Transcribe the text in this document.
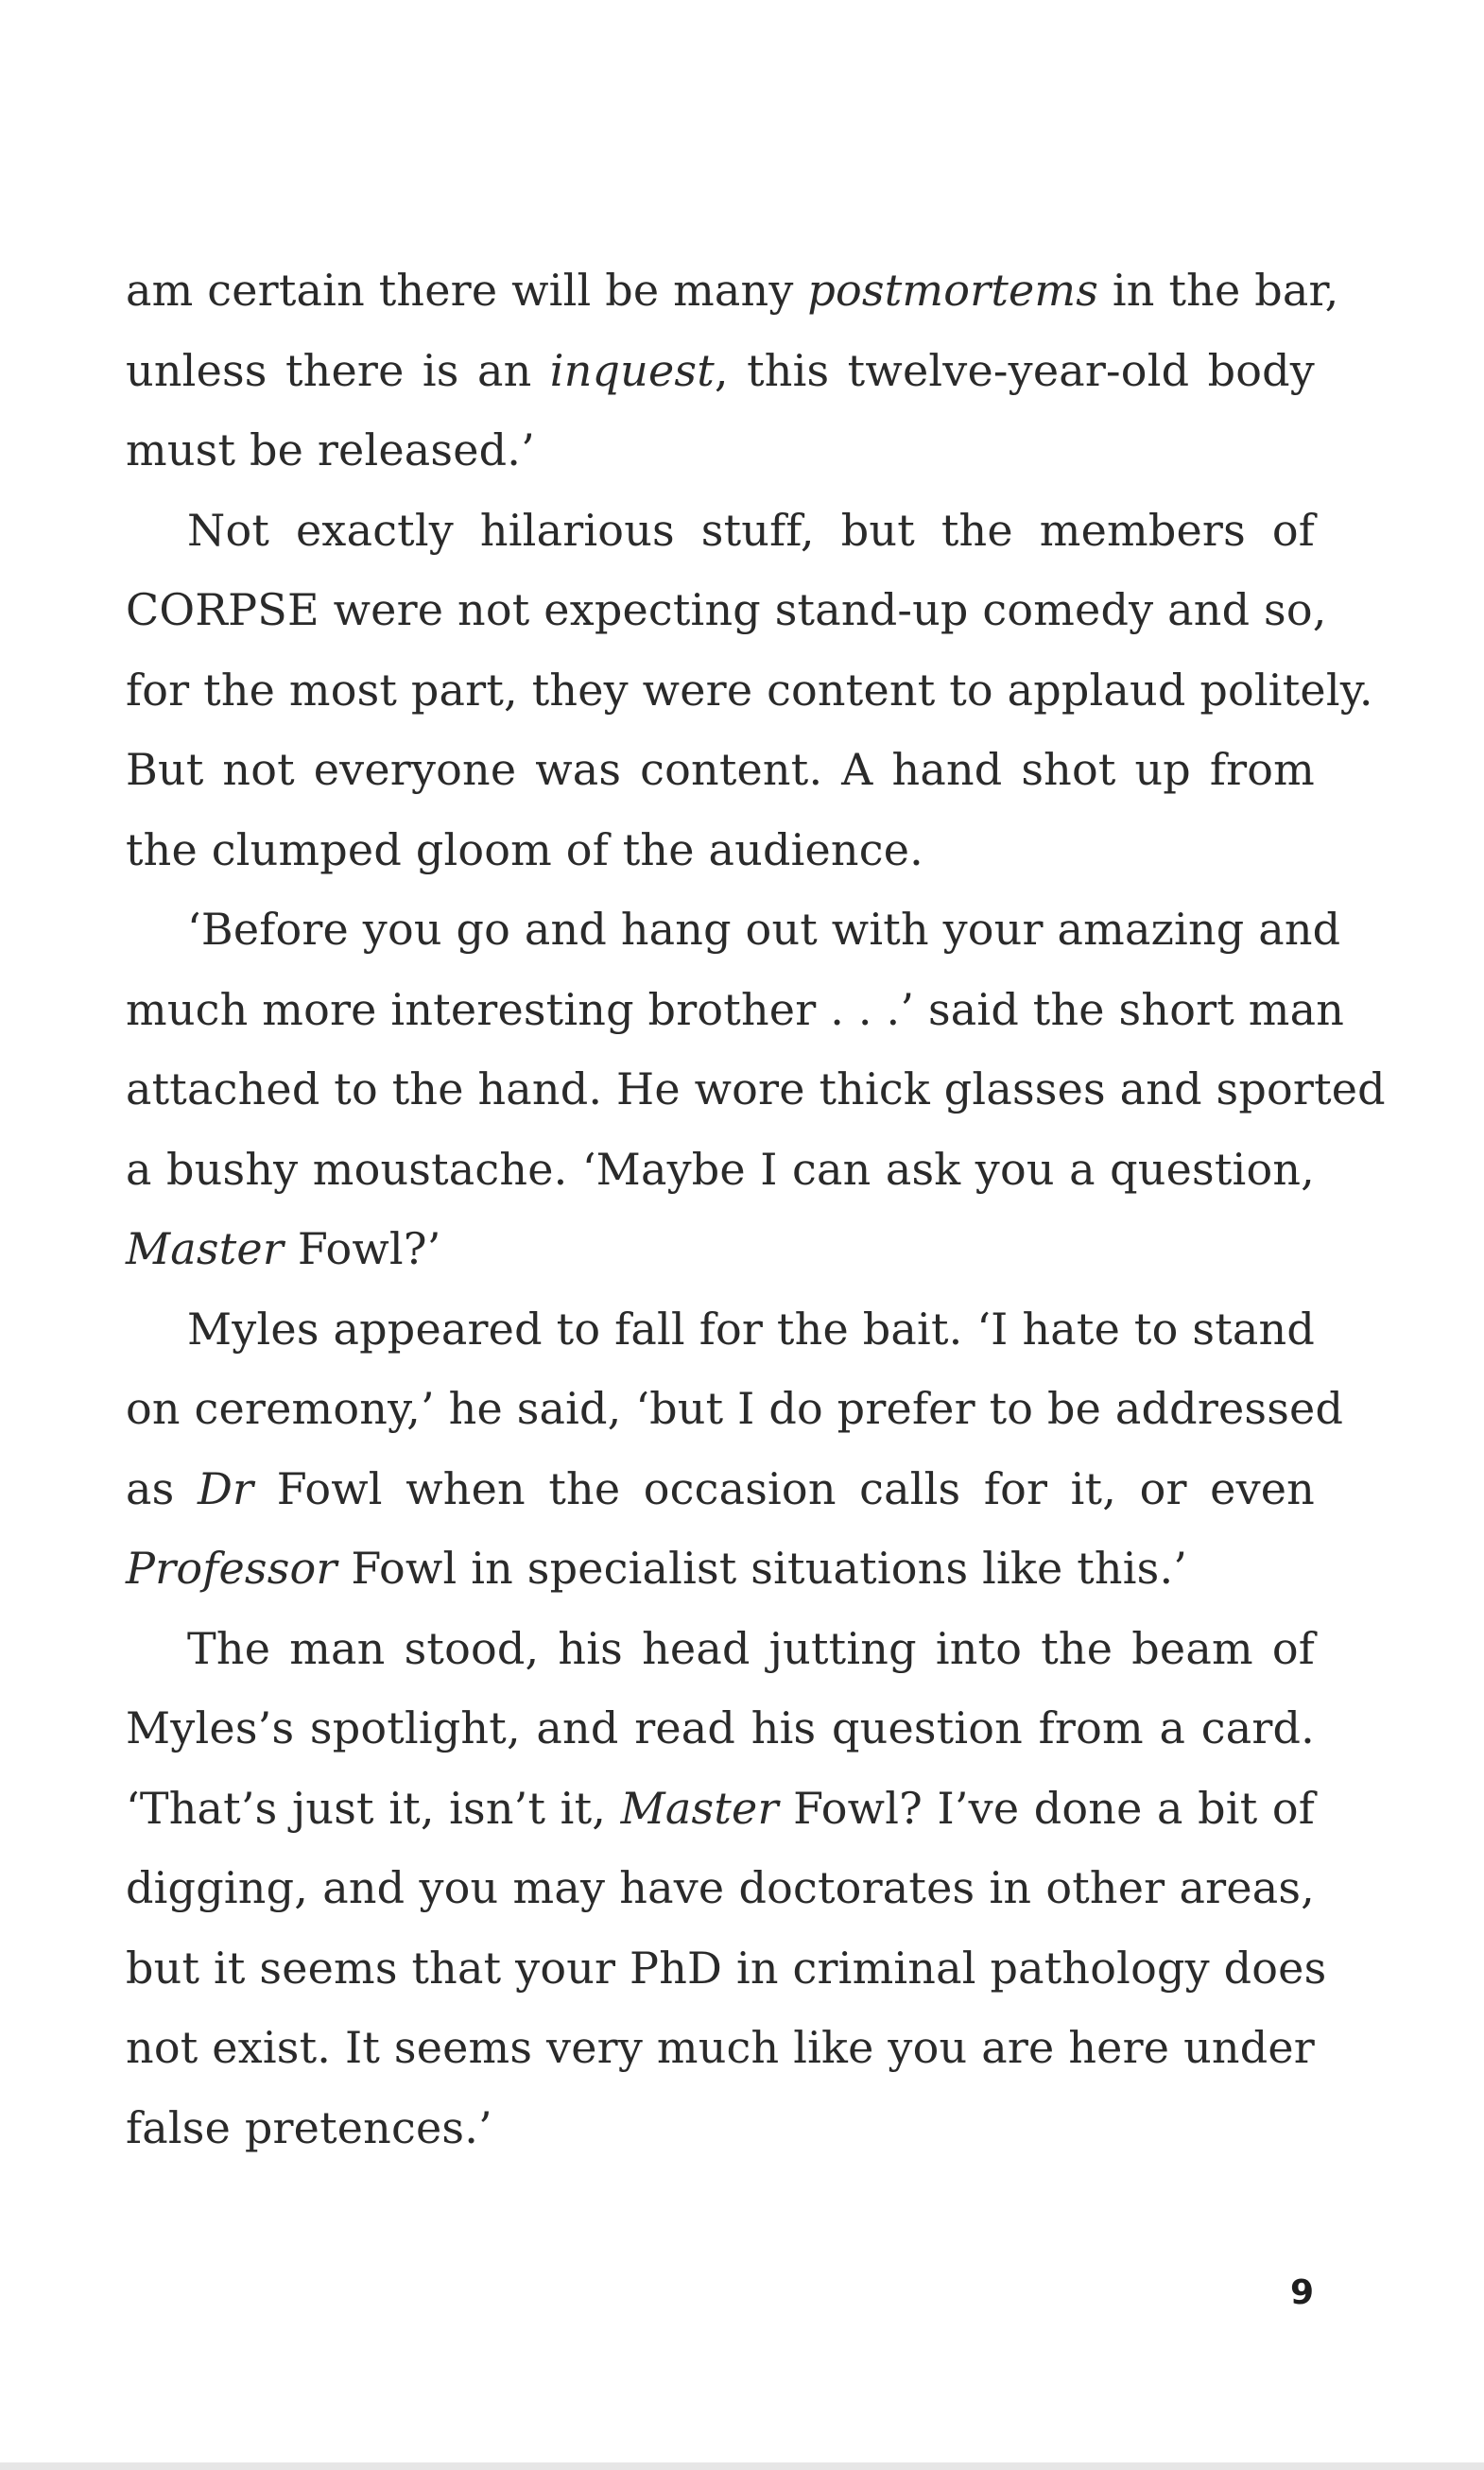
am certain there will be many postmortems in the bar,
unless there is an inquest, this twelve-year-old body
must be released.’
Not exactly hilarious stuff, but the members of
CORPSE were not expecting stand-up comedy and so,
for the most part, they were content to applaud politely.
But not everyone was content. A hand shot up from
the clumped gloom of the audience.
‘Before you go and hang out with your amazing and
much more interesting brother . . .’ said the short man
attached to the hand. He wore thick glasses and sported
a bushy moustache. ‘Maybe I can ask you a question,
Master Fowl?’
Myles appeared to fall for the bait. ‘I hate to stand
on ceremony,’ he said, ‘but I do prefer to be addressed
as Dr Fowl when the occasion calls for it, or even
Professor Fowl in specialist situations like this.’
The man stood, his head jutting into the beam of
Myles’s spotlight, and read his question from a card.
‘That’s just it, isn’t it, Master Fowl? I’ve done a bit of
digging, and you may have doctorates in other areas,
but it seems that your PhD in criminal pathology does
not exist. It seems very much like you are here under
false pretences.’
9
